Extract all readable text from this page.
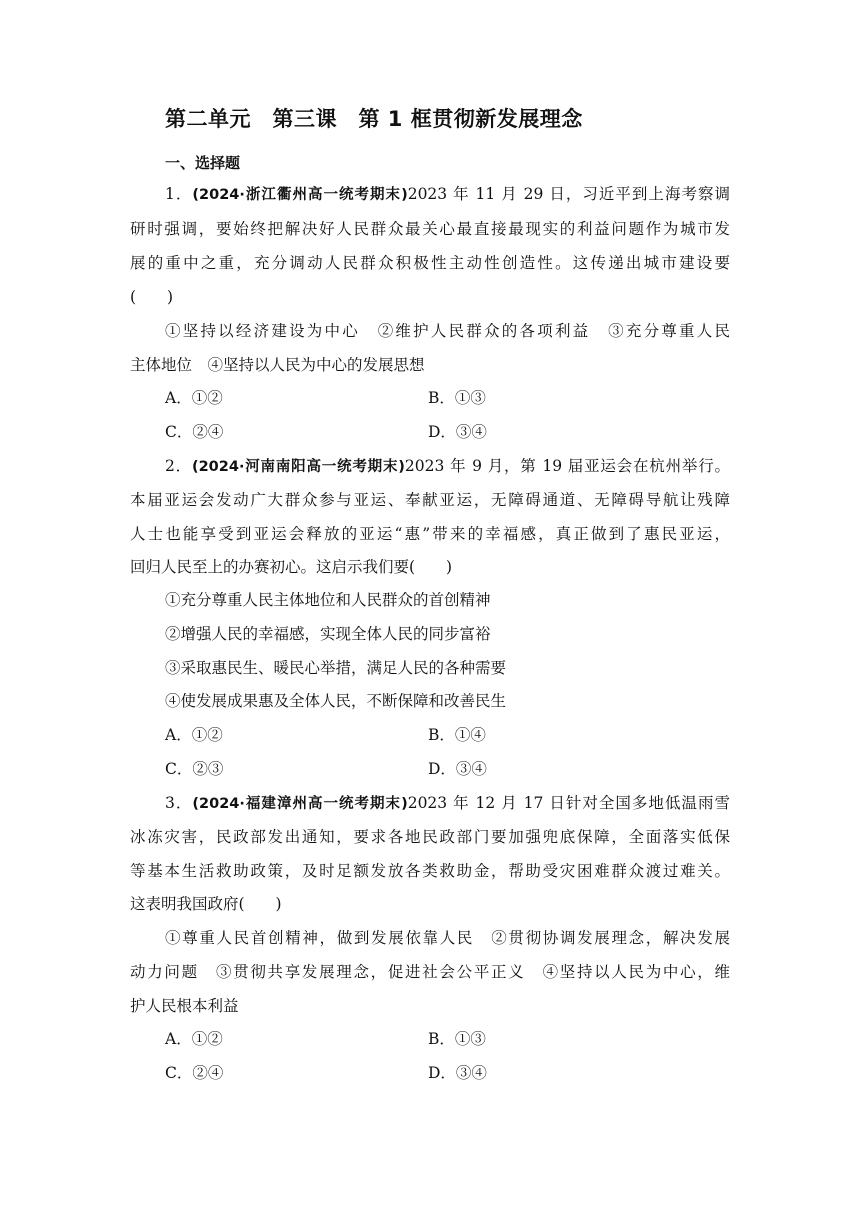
第二单元　第三课　第 1 框贯彻新发展理念
一、选择题
1．(2024·浙江衢州高一统考期末)2023 年 11 月 29 日，习近平到上海考察调
研时强调，要始终把解决好人民群众最关心最直接最现实的利益问题作为城市发
展的重中之重，充分调动人民群众积极性主动性创造性。这传递出城市建设要
(　　)
①坚持以经济建设为中心　②维护人民群众的各项利益　③充分尊重人民
主体地位　④坚持以人民为中心的发展思想
A．①②	B．①③
C．②④	D．③④
2．(2024·河南南阳高一统考期末)2023 年 9 月，第 19 届亚运会在杭州举行。
本届亚运会发动广大群众参与亚运、奉献亚运，无障碍通道、无障碍导航让残障
人士也能享受到亚运会释放的亚运“惠”带来的幸福感，真正做到了惠民亚运，
回归人民至上的办赛初心。这启示我们要(　　)
①充分尊重人民主体地位和人民群众的首创精神
②增强人民的幸福感，实现全体人民的同步富裕
③采取惠民生、暖民心举措，满足人民的各种需要
④使发展成果惠及全体人民，不断保障和改善民生
A．①②	B．①④
C．②③	D．③④
3．(2024·福建漳州高一统考期末)2023 年 12 月 17 日针对全国多地低温雨雪
冰冻灾害，民政部发出通知，要求各地民政部门要加强兜底保障，全面落实低保
等基本生活救助政策，及时足额发放各类救助金，帮助受灾困难群众渡过难关。
这表明我国政府(　　)
①尊重人民首创精神，做到发展依靠人民　②贯彻协调发展理念，解决发展
动力问题　③贯彻共享发展理念，促进社会公平正义　④坚持以人民为中心，维
护人民根本利益
A．①②	B．①③
C．②④	D．③④
